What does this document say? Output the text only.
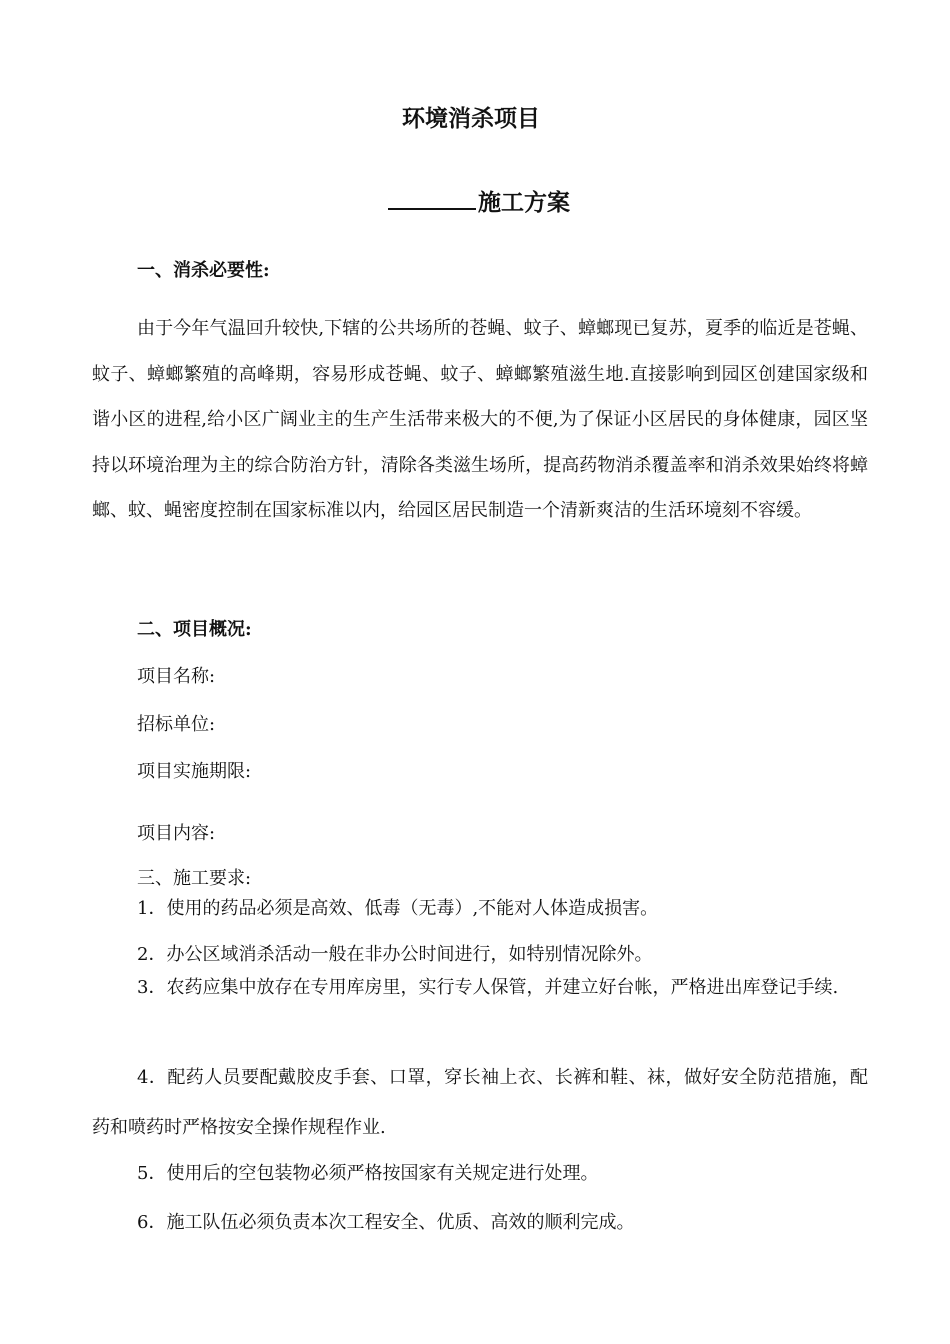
环境消杀项目
施工方案
一、消杀必要性:

由于今年气温回升较快,下辖的公共场所的苍蝇、蚊子、蟑螂现已复苏，夏季的临近是苍蝇、蚊子、蟑螂繁殖的高峰期，容易形成苍蝇、蚊子、蟑螂繁殖滋生地.直接影响到园区创建国家级和谐小区的进程,给小区广阔业主的生产生活带来极大的不便,为了保证小区居民的身体健康，园区坚持以环境治理为主的综合防治方针，清除各类滋生场所，提高药物消杀覆盖率和消杀效果始终将蟑螂、蚊、蝇密度控制在国家标准以内，给园区居民制造一个清新爽洁的生活环境刻不容缓。

二、项目概况:
项目名称:
招标单位:
项目实施期限:
项目内容:
三、施工要求:
1．使用的药品必须是高效、低毒（无毒）,不能对人体造成损害。
2．办公区域消杀活动一般在非办公时间进行，如特别情况除外。

3．农药应集中放存在专用库房里，实行专人保管，并建立好台帐，严格进出库登记手续.

4．配药人员要配戴胶皮手套、口罩，穿长袖上衣、长裤和鞋、袜，做好安全防范措施，配药和喷药时严格按安全操作规程作业.

5．使用后的空包装物必须严格按国家有关规定进行处理。
6．施工队伍必须负责本次工程安全、优质、高效的顺利完成。
